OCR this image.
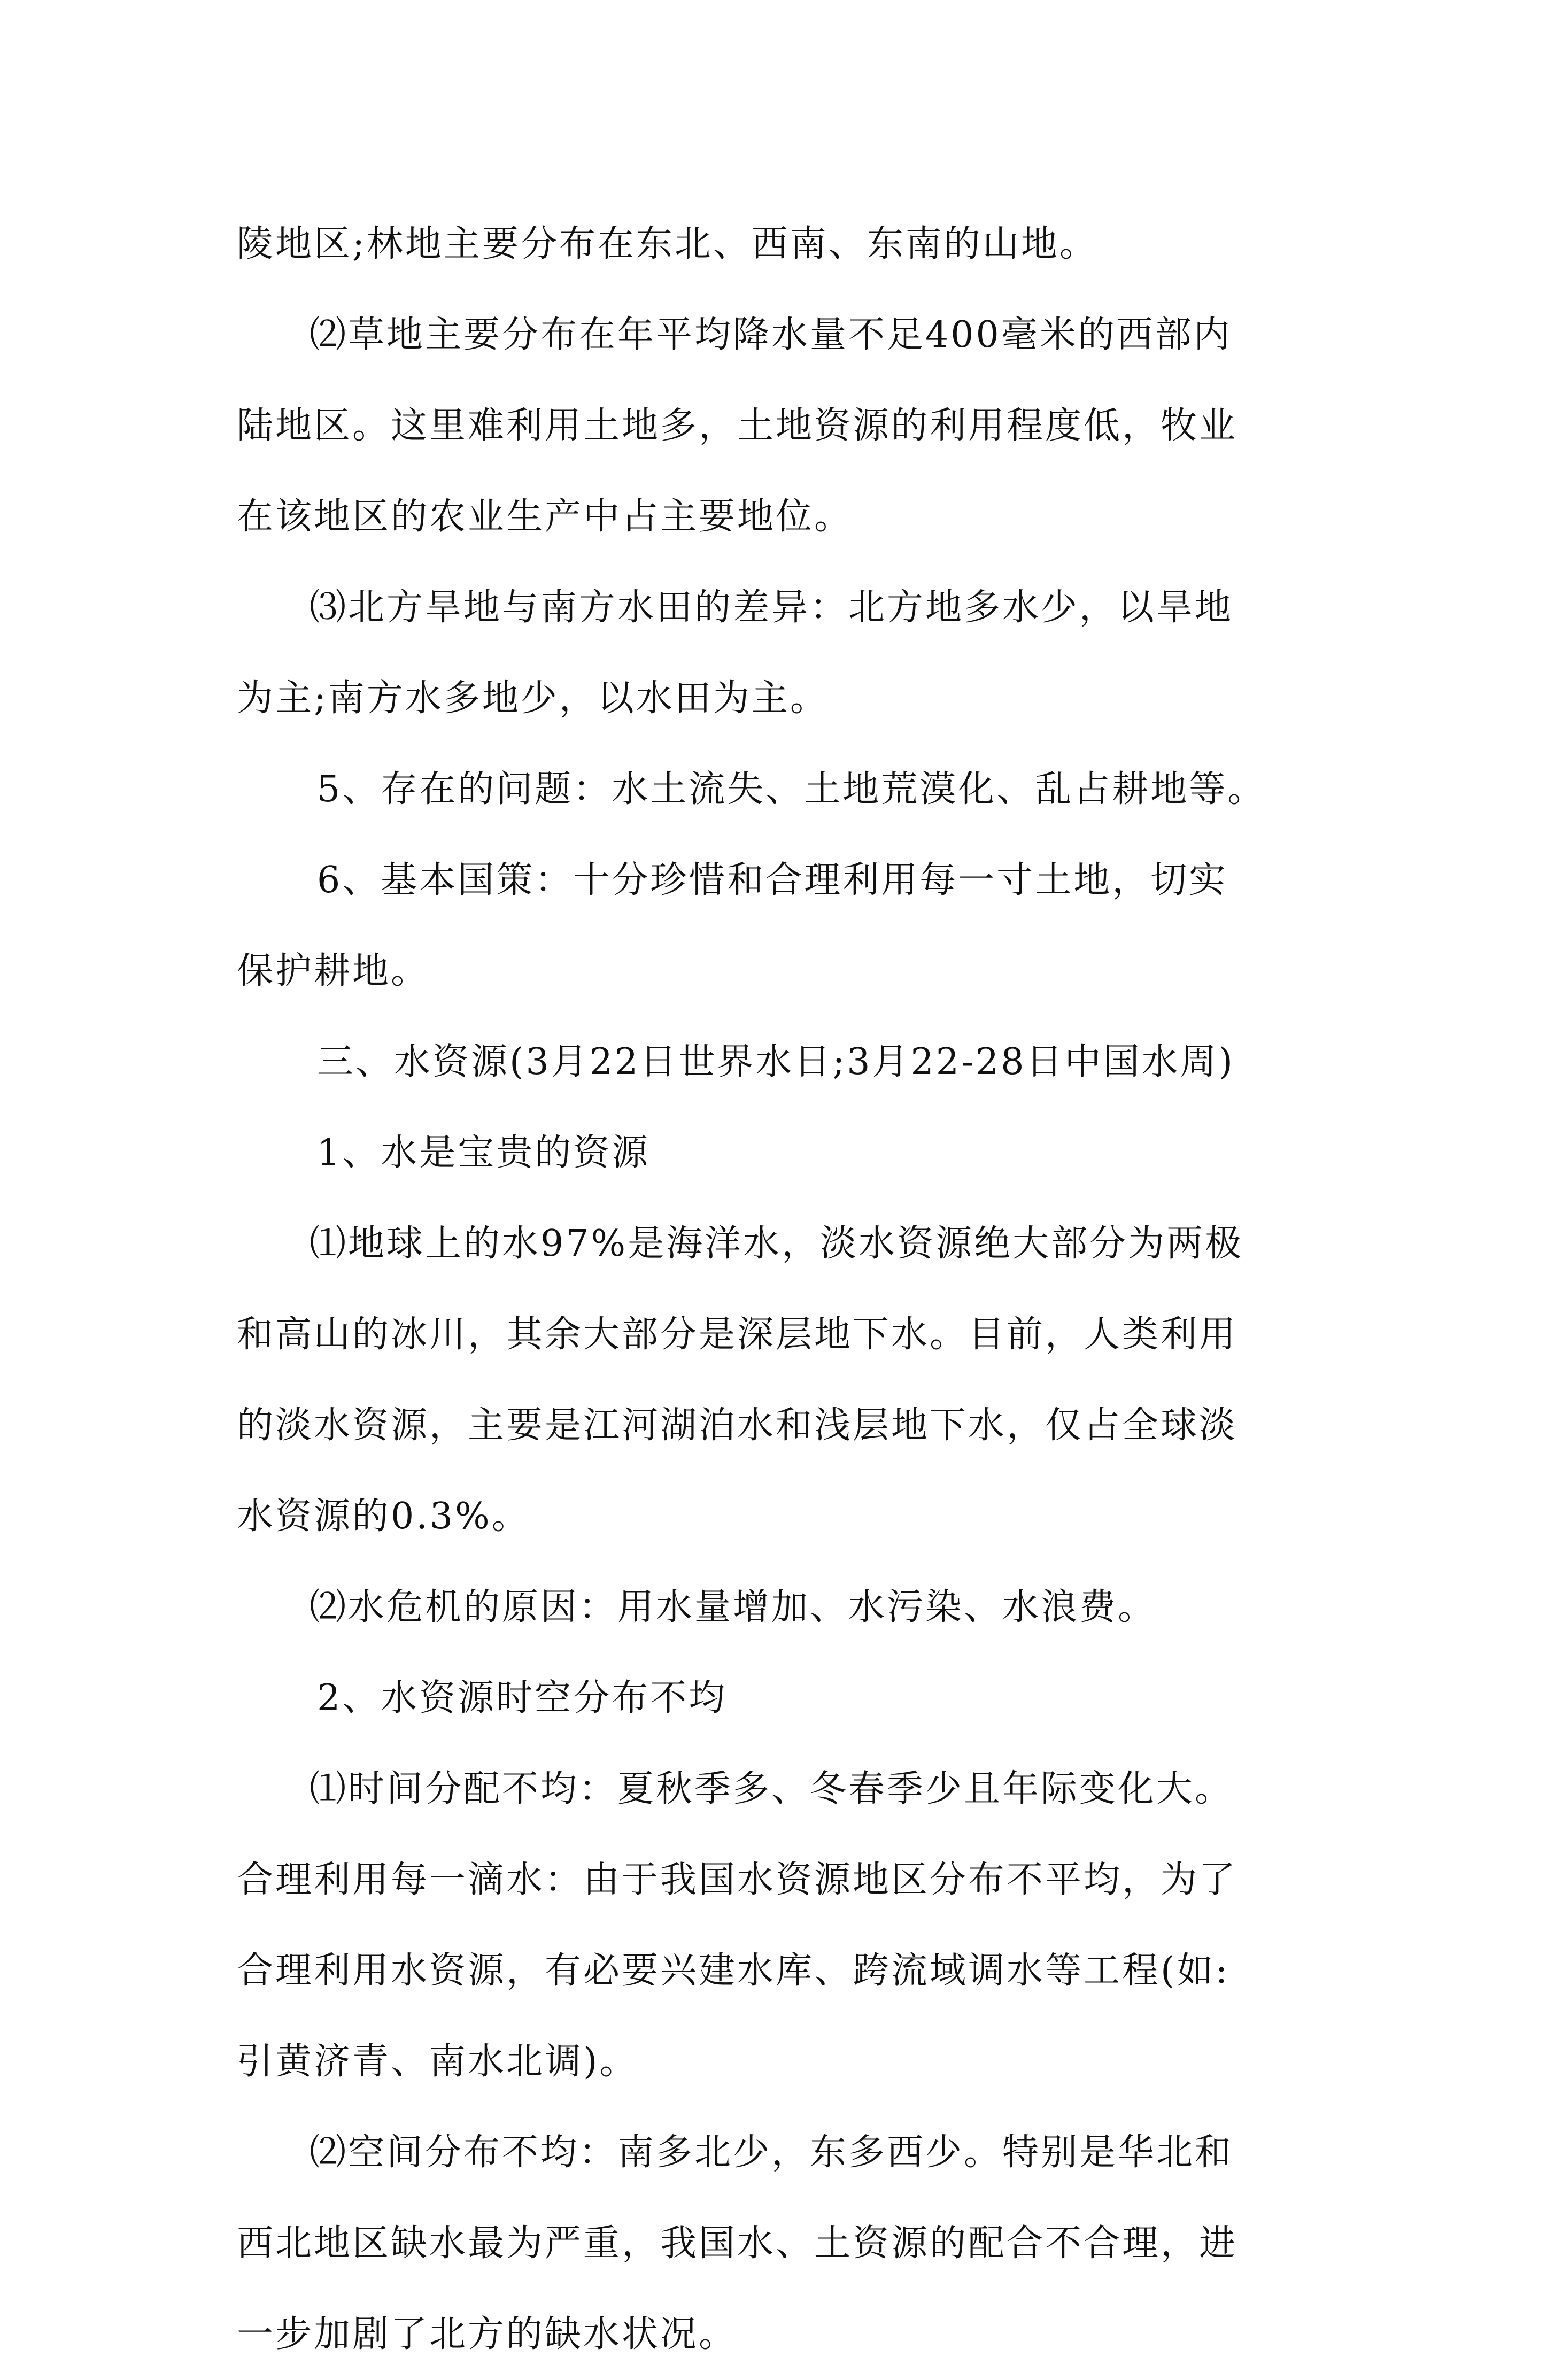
陵地区;林地主要分布在东北、西南、东南的山地。
⑵草地主要分布在年平均降水量不足400毫米的西部内
陆地区。这里难利用土地多，土地资源的利用程度低，牧业
在该地区的农业生产中占主要地位。
⑶北方旱地与南方水田的差异：北方地多水少，以旱地
为主;南方水多地少，以水田为主。
5、存在的问题：水土流失、土地荒漠化、乱占耕地等。
6、基本国策：十分珍惜和合理利用每一寸土地，切实
保护耕地。
三、水资源(3月22日世界水日;3月22-28日中国水周)
1、水是宝贵的资源
⑴地球上的水97%是海洋水，淡水资源绝大部分为两极
和高山的冰川，其余大部分是深层地下水。目前，人类利用
的淡水资源，主要是江河湖泊水和浅层地下水，仅占全球淡
水资源的0.3%。
⑵水危机的原因：用水量增加、水污染、水浪费。
2、水资源时空分布不均
⑴时间分配不均：夏秋季多、冬春季少且年际变化大。
合理利用每一滴水：由于我国水资源地区分布不平均，为了
合理利用水资源，有必要兴建水库、跨流域调水等工程(如:
引黄济青、南水北调)。
⑵空间分布不均：南多北少，东多西少。特别是华北和
西北地区缺水最为严重，我国水、土资源的配合不合理，进
一步加剧了北方的缺水状况。
